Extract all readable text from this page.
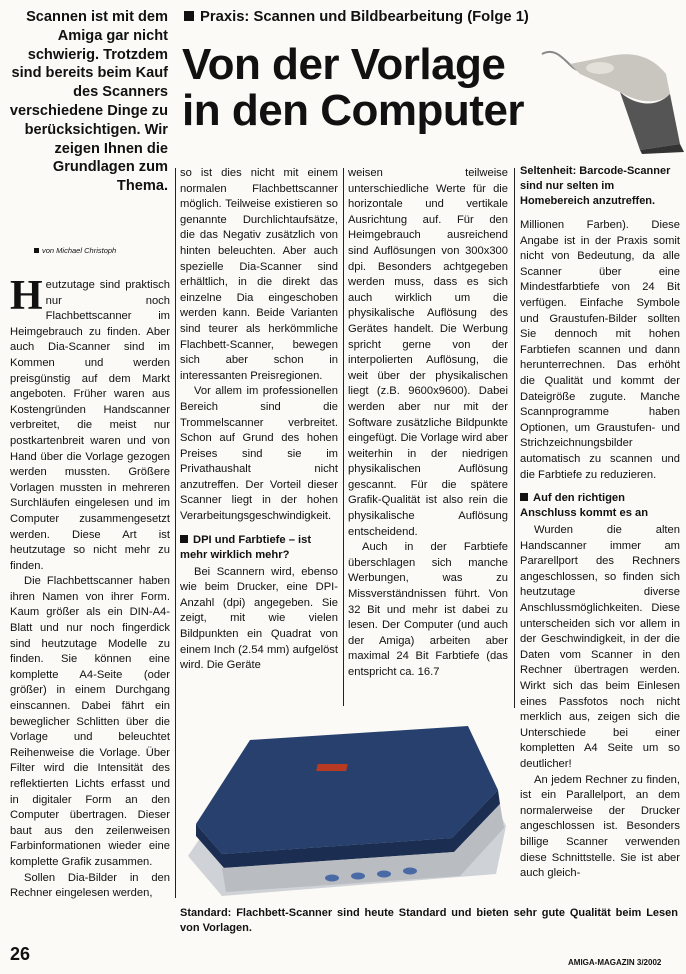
Scannen ist mit dem Amiga gar nicht schwierig. Trotzdem sind bereits beim Kauf des Scanners verschiedene Dinge zu berücksichtigen. Wir zeigen Ihnen die Grundlagen zum Thema.
Praxis: Scannen und Bildbearbeitung (Folge 1)
Von der Vorlage
in den Computer
von Michael Christoph

Heutzutage sind praktisch nur noch Flachbettscanner im Heimgebrauch zu finden. Aber auch Dia-Scanner sind im Kommen und werden preisgünstig auf dem Markt angeboten. Früher waren aus Kostengründen Handscanner verbreitet, die meist nur postkartenbreit waren und von Hand über die Vorlage gezogen werden mussten. Größere Vorlagen mussten in mehreren Surchläufen eingelesen und im Computer zusammengesetzt werden. Diese Art ist heutzutage so nicht mehr zu finden.

Die Flachbettscanner haben ihren Namen von ihrer Form. Kaum größer als ein DIN-A4-Blatt und nur noch fingerdick sind heutzutage Modelle zu finden. Sie können eine komplette A4-Seite (oder größer) in einem Durchgang einscannen. Dabei fährt ein beweglicher Schlitten über die Vorlage und beleuchtet Reihenweise die Vorlage. Über Filter wird die Intensität des reflektierten Lichts erfasst und in digitaler Form an den Computer übertragen. Dieser baut aus den zeilenweisen Farbinformationen wieder eine komplette Grafik zusammen.

Sollen Dia-Bilder in den Rechner eingelesen werden,

so ist dies nicht mit einem normalen Flachbettscanner möglich. Teilweise existieren so genannte Durchlichtaufsätze, die das Negativ zusätzlich von hinten beleuchten. Aber auch spezielle Dia-Scanner sind erhältlich, in die direkt das einzelne Dia eingeschoben werden kann. Beide Varianten sind teurer als herkömmliche Flachbett-Scanner, bewegen sich aber schon in interessanten Preisregionen.

Vor allem im professionellen Bereich sind die Trommelscanner verbreitet. Schon auf Grund des hohen Preises sind sie im Privathaushalt nicht anzutreffen. Der Vorteil dieser Scanner liegt in der hohen Verarbeitungsgeschwindigkeit.

DPI und Farbtiefe – ist mehr wirklich mehr?

Bei Scannern wird, ebenso wie beim Drucker, eine DPI-Anzahl (dpi) angegeben. Sie zeigt, mit wie vielen Bildpunkten ein Quadrat von einem Inch (2.54 mm) aufgelöst wird. Die Geräte

weisen teilweise unterschiedliche Werte für die horizontale und vertikale Ausrichtung auf. Für den Heimgebrauch ausreichend sind Auflösungen von 300x300 dpi. Besonders achtgegeben werden muss, dass es sich auch wirklich um die physikalische Auflösung des Gerätes handelt. Die Werbung spricht gerne von der interpolierten Auflösung, die weit über der physikalischen liegt (z.B. 9600x9600). Dabei werden aber nur mit der Software zusätzliche Bildpunkte eingefügt. Die Vorlage wird aber weiterhin in der niedrigen physikalischen Auflösung gescannt. Für die spätere Grafik-Qualität ist also rein die physikalische Auflösung entscheidend.

Auch in der Farbtiefe überschlagen sich manche Werbungen, was zu Missverständnissen führt. Von 32 Bit und mehr ist dabei zu lesen. Der Computer (und auch der Amiga) arbeiten aber maximal 24 Bit Farbtiefe (das entspricht ca. 16.7

Seltenheit: Barcode-Scanner sind nur selten im Homebereich anzutreffen.

Millionen Farben). Diese Angabe ist in der Praxis somit nicht von Bedeutung, da alle Scanner über eine Mindestfarbtiefe von 24 Bit verfügen. Einfache Symbole und Graustufen-Bilder sollten Sie dennoch mit hohen Farbtiefen scannen und dann herunterrechnen. Das erhöht die Qualität und kommt der Dateigröße zugute. Manche Scannprogramme haben Optionen, um Graustufen- und Strichzeichnungsbilder automatisch zu scannen und die Farbtiefe zu reduzieren.

Auf den richtigen Anschluss kommt es an

Wurden die alten Handscanner immer am Pararellport des Rechners angeschlossen, so finden sich heutzutage diverse Anschlussmöglichkeiten. Diese unterscheiden sich vor allem in der Geschwindigkeit, in der die Daten vom Scanner in den Rechner übertragen werden. Wirkt sich das beim Einlesen eines Passfotos noch nicht merklich aus, zeigen sich die Unterschiede bei einer kompletten A4 Seite um so deutlicher!

An jedem Rechner zu finden, ist ein Parallelport, an dem normalerweise der Drucker angeschlossen ist. Besonders billige Scanner verwenden diese Schnittstelle. Sie ist aber auch gleich-

Standard: Flachbett-Scanner sind heute Standard und bieten sehr gute Qualität beim Lesen von Vorlagen.
26	AMIGA-MAGAZIN 3/2002
